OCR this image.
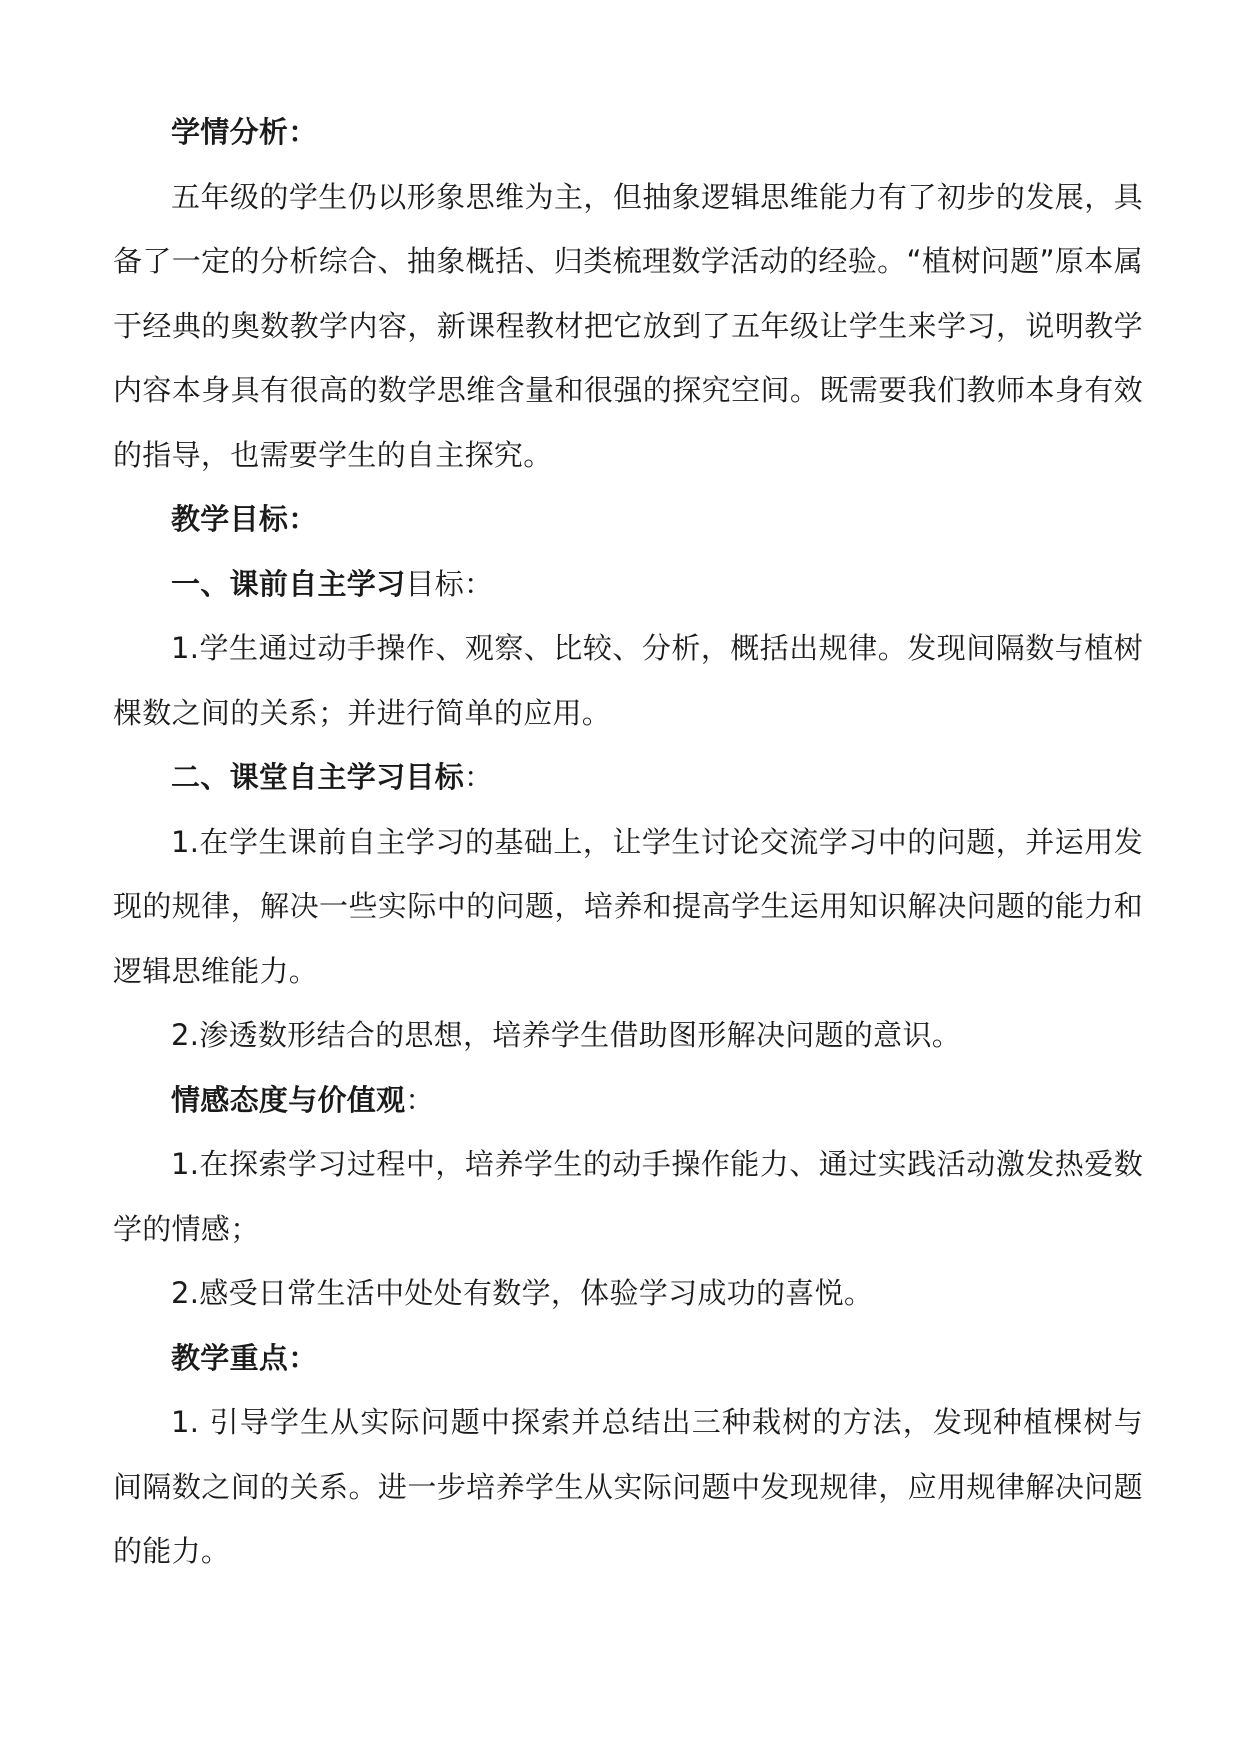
学情分析：

五年级的学生仍以形象思维为主，但抽象逻辑思维能力有了初步的发展，具备了一定的分析综合、抽象概括、归类梳理数学活动的经验。“植树问题”原本属于经典的奥数教学内容，新课程教材把它放到了五年级让学生来学习，说明教学内容本身具有很高的数学思维含量和很强的探究空间。既需要我们教师本身有效的指导，也需要学生的自主探究。

教学目标：

一、课前自主学习目标：

1.学生通过动手操作、观察、比较、分析，概括出规律。发现间隔数与植树棵数之间的关系；并进行简单的应用。

二、课堂自主学习目标：

1.在学生课前自主学习的基础上，让学生讨论交流学习中的问题，并运用发现的规律，解决一些实际中的问题，培养和提高学生运用知识解决问题的能力和逻辑思维能力。

2.渗透数形结合的思想，培养学生借助图形解决问题的意识。

情感态度与价值观：

1.在探索学习过程中，培养学生的动手操作能力、通过实践活动激发热爱数学的情感；

2.感受日常生活中处处有数学，体验学习成功的喜悦。

教学重点：

1. 引导学生从实际问题中探索并总结出三种栽树的方法，发现种植棵树与间隔数之间的关系。进一步培养学生从实际问题中发现规律，应用规律解决问题的能力。
